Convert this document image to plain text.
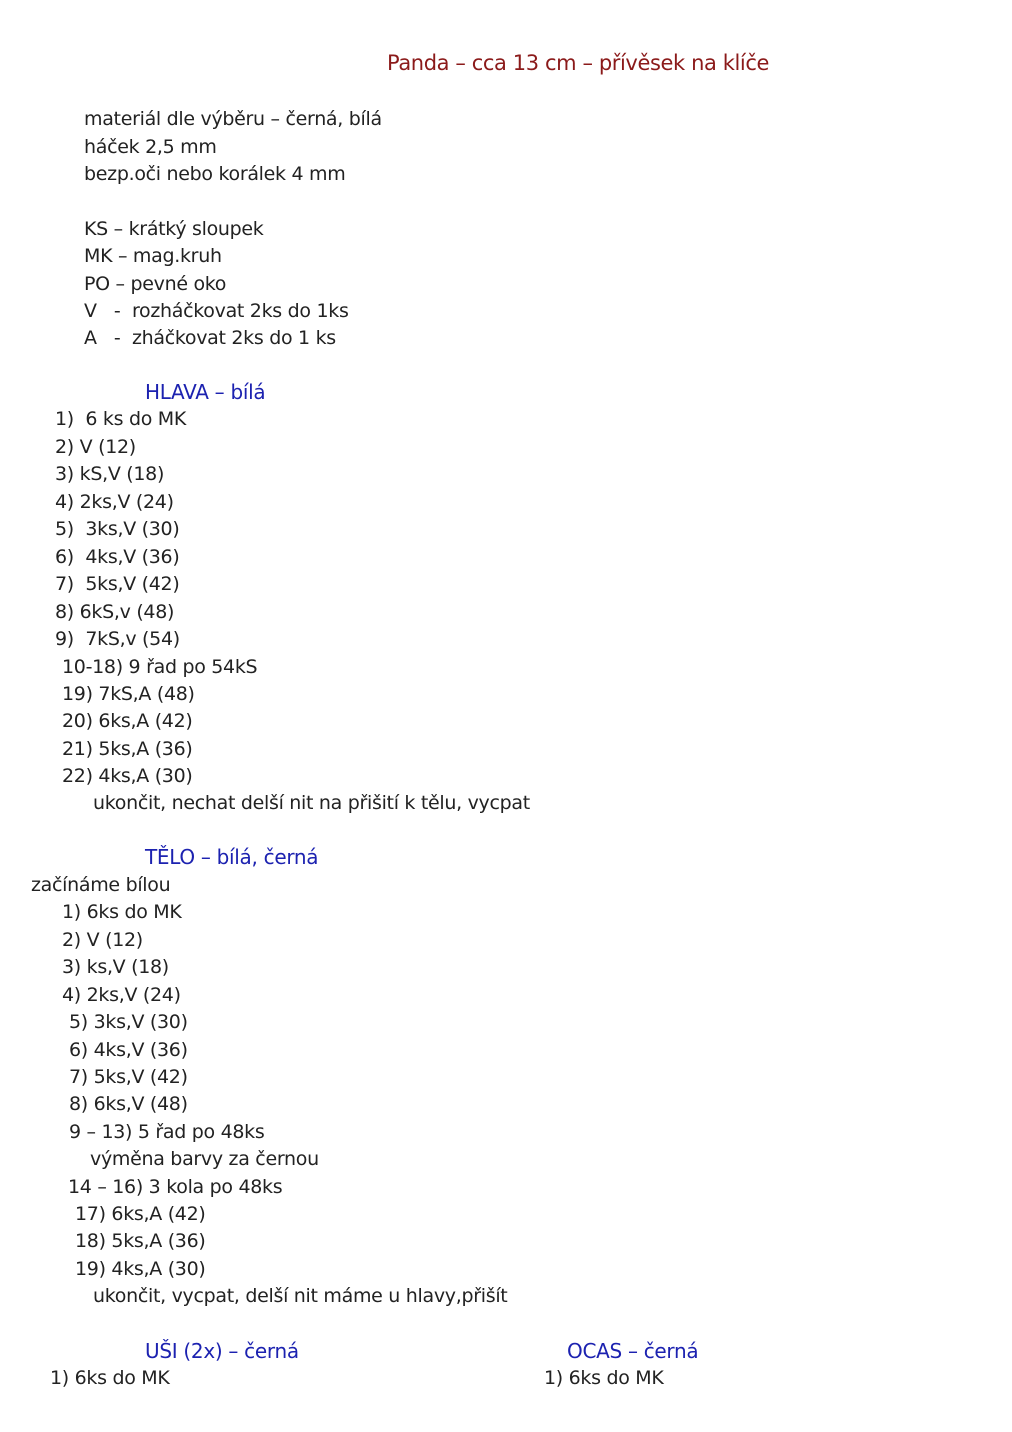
Panda – cca 13 cm – přívěsek na klíče
materiál dle výběru – černá, bílá
háček 2,5 mm
bezp.oči nebo korálek 4 mm
KS – krátký sloupek
MK – mag.kruh
PO – pevné oko
V   -  rozháčkovat 2ks do 1ks
A   -  zháčkovat 2ks do 1 ks
HLAVA – bílá
1)  6 ks do MK
2) V (12)
3) kS,V (18)
4) 2ks,V (24)
5)  3ks,V (30)
6)  4ks,V (36)
7)  5ks,V (42)
8) 6kS,v (48)
9)  7kS,v (54)
10-18) 9 řad po 54kS
19) 7kS,A (48)
20) 6ks,A (42)
21) 5ks,A (36)
22) 4ks,A (30)
ukončit, nechat delší nit na přišití k tělu, vycpat
TĚLO – bílá, černá
začínáme bílou
1) 6ks do MK
2) V (12)
3) ks,V (18)
4) 2ks,V (24)
5) 3ks,V (30)
6) 4ks,V (36)
7) 5ks,V (42)
8) 6ks,V (48)
9 – 13) 5 řad po 48ks
výměna barvy za černou
14 – 16) 3 kola po 48ks
17) 6ks,A (42)
18) 5ks,A (36)
19) 4ks,A (30)
ukončit, vycpat, delší nit máme u hlavy,přišít
UŠI (2x) – černá
1) 6ks do MK
OCAS – černá
1) 6ks do MK
